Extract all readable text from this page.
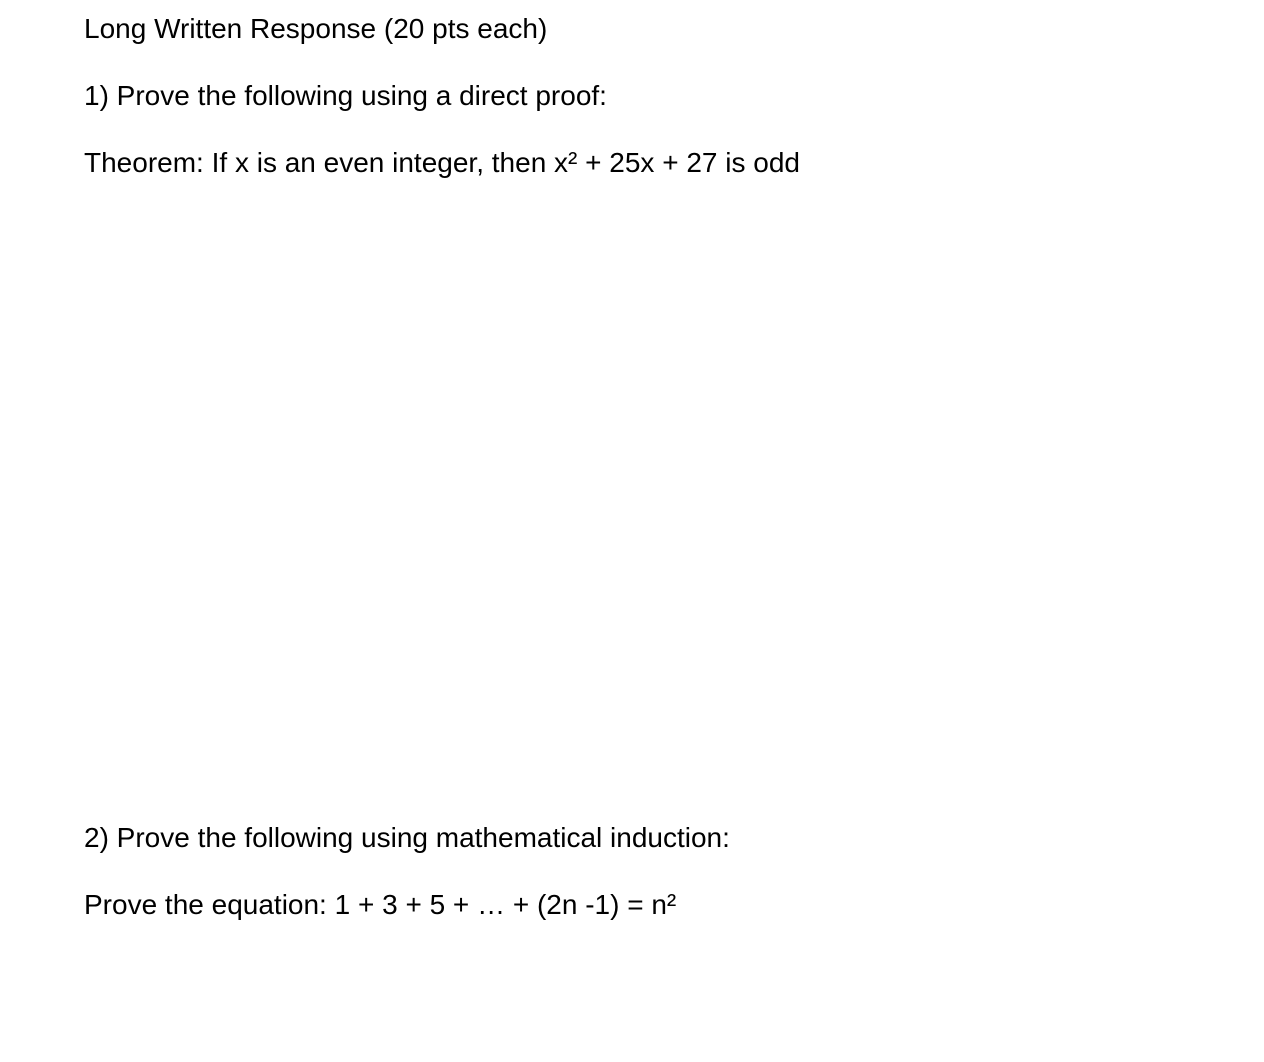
Long Written Response (20 pts each)

1) Prove the following using a direct proof:

Theorem: If x is an even integer, then x² + 25x + 27 is odd

2) Prove the following using mathematical induction:

Prove the equation: 1 + 3 + 5 + … + (2n -1) = n²
